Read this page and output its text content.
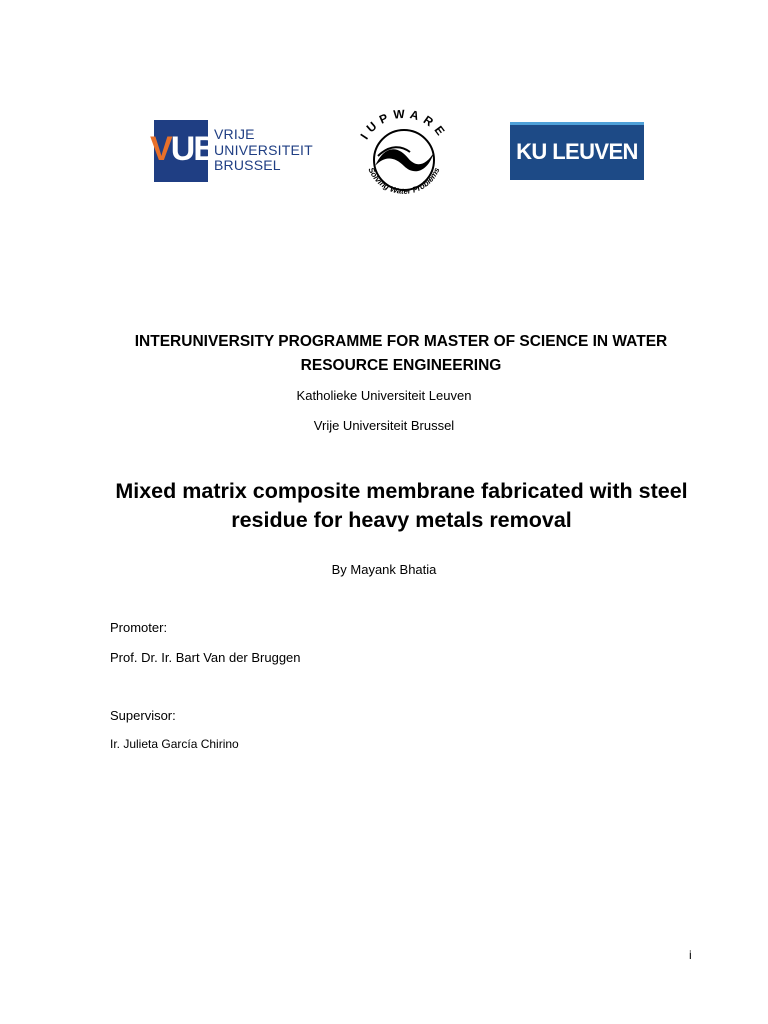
VUB
VRIJE
UNIVERSITEIT
BRUSSEL
IUPWARE
Solving Water Problems
KU LEUVEN
INTERUNIVERSITY PROGRAMME FOR MASTER OF SCIENCE IN WATER RESOURCE ENGINEERING
Katholieke Universiteit Leuven
Vrije Universiteit Brussel
Mixed matrix composite membrane fabricated with steel residue for heavy metals removal
By Mayank Bhatia
Promoter:
Prof. Dr. Ir. Bart Van der Bruggen
Supervisor:
Ir. Julieta García Chirino
i
